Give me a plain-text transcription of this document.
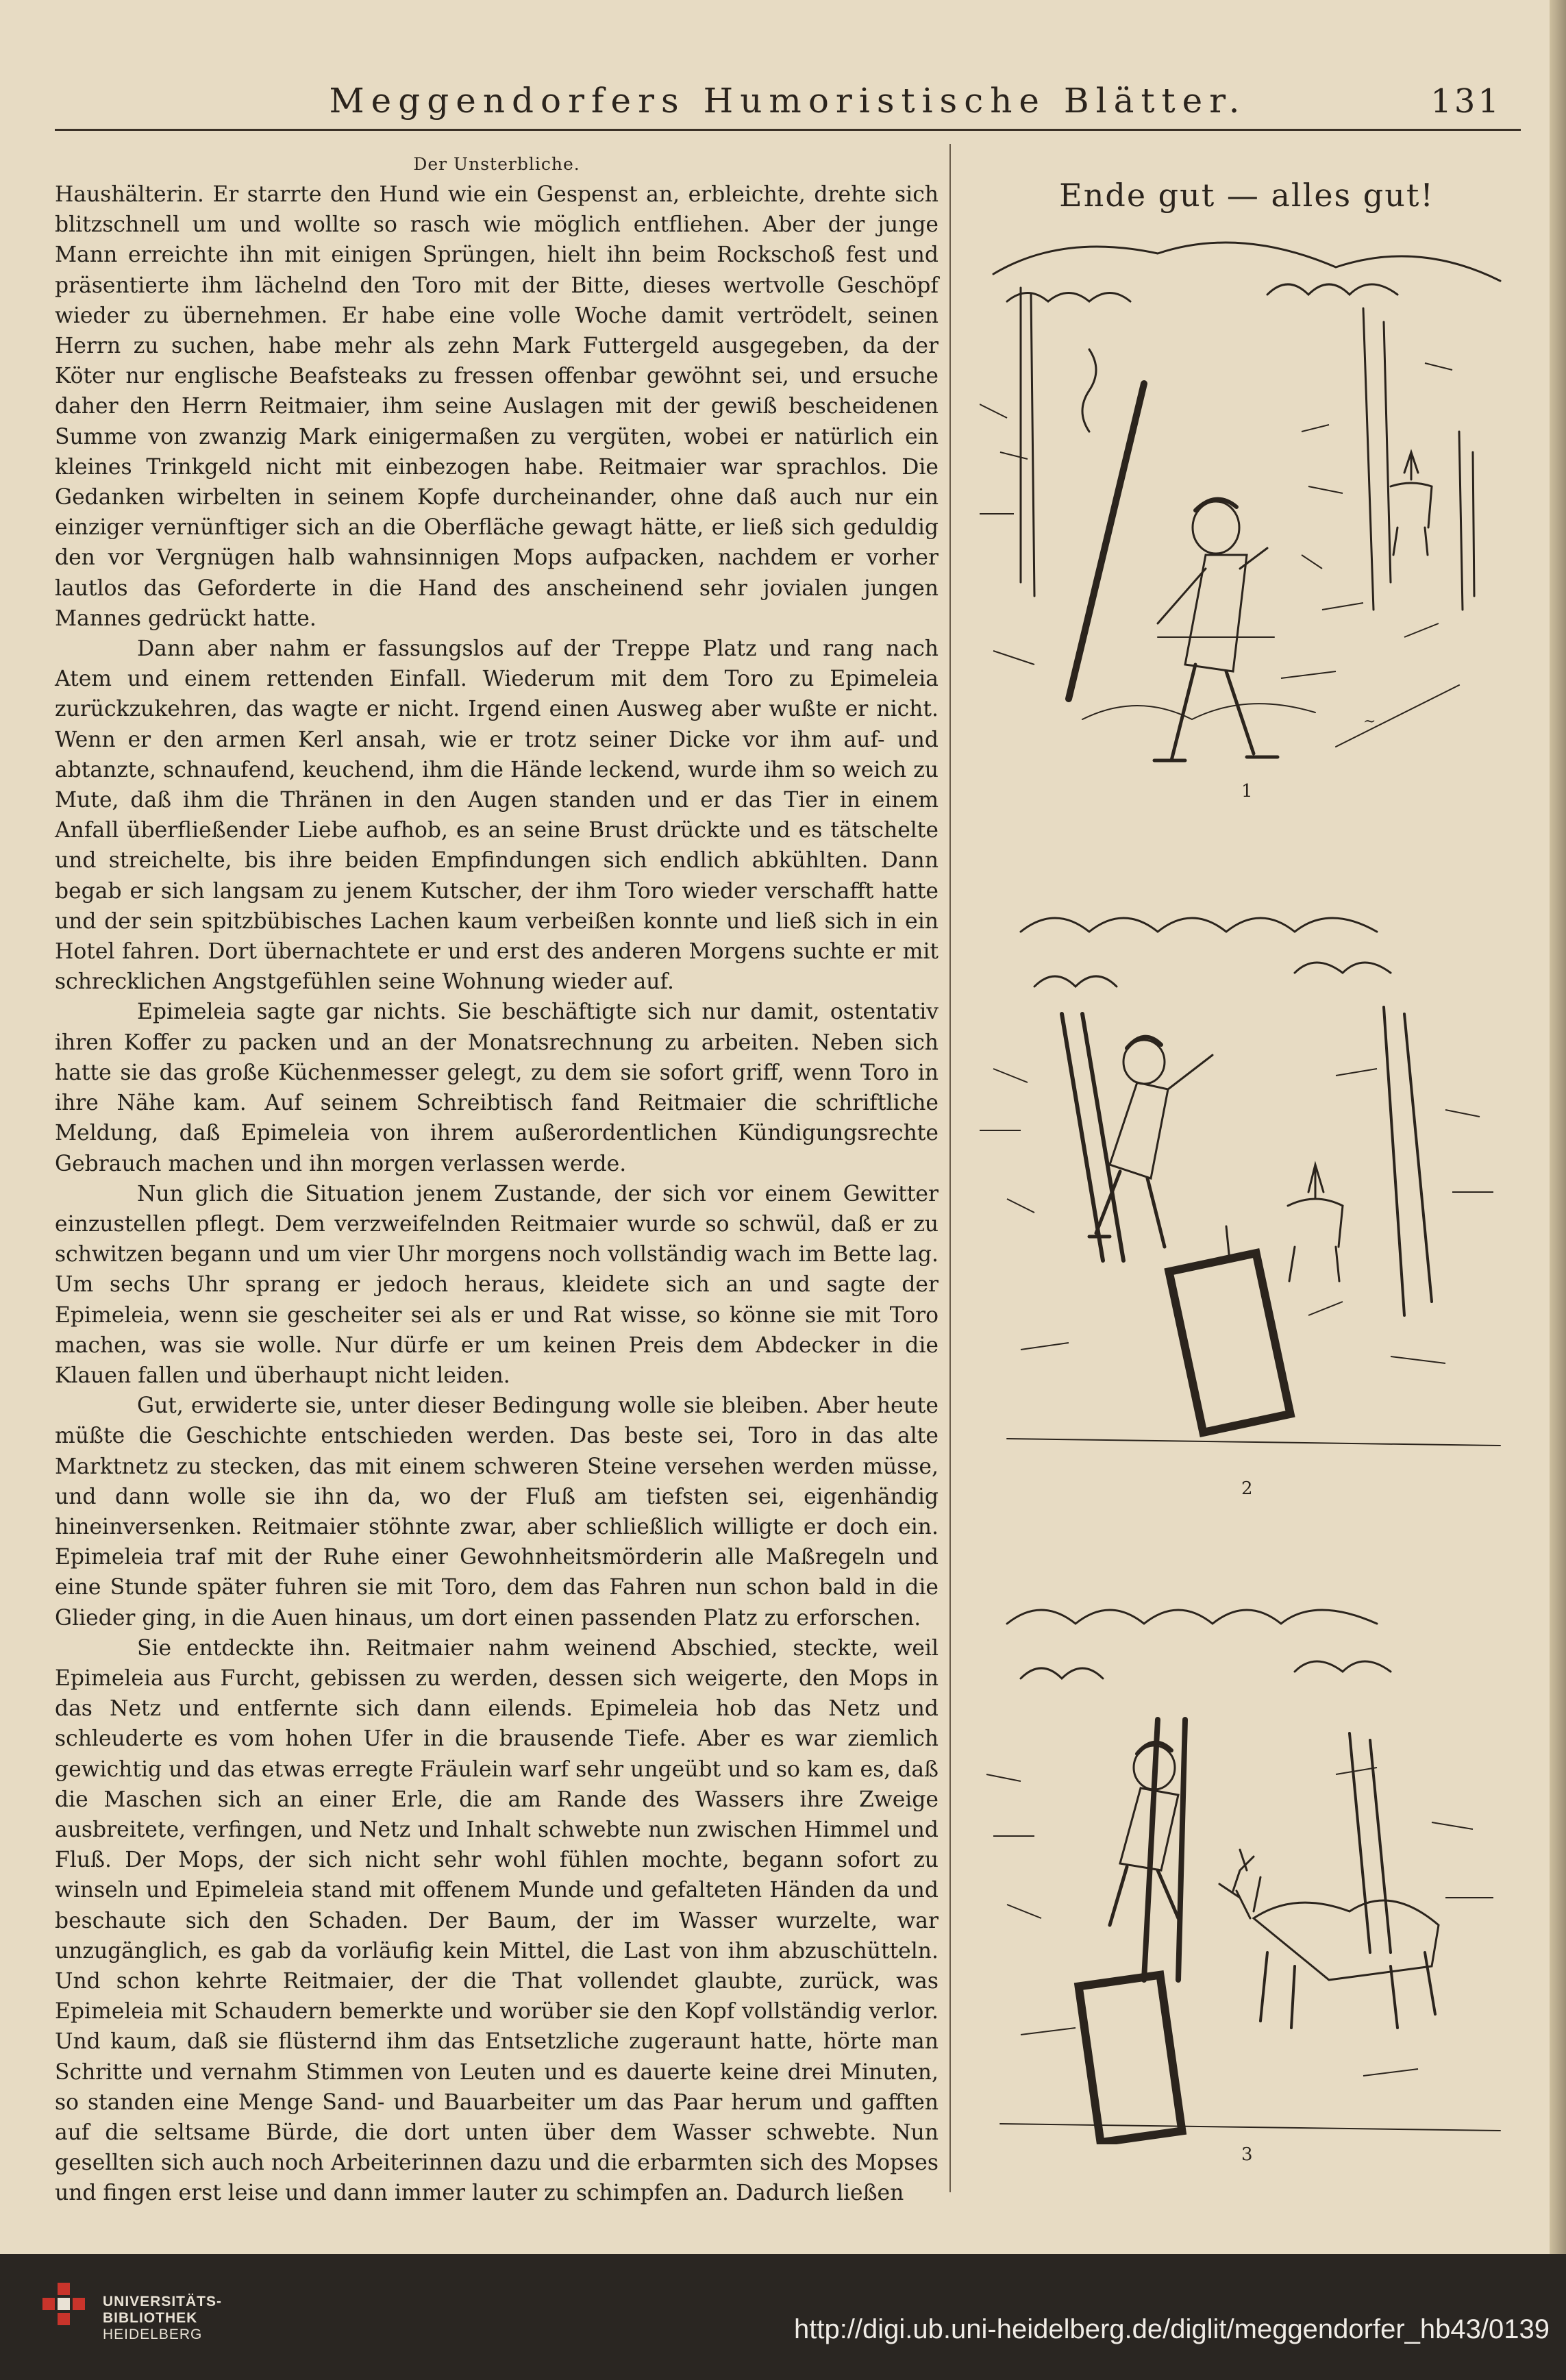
Meggendorfers Humoristische Blätter.	131
Der Unsterbliche.

Haushälterin. Er starrte den Hund wie ein Gespenst an, erbleichte, drehte sich blitzschnell um und wollte so rasch wie möglich entfliehen. Aber der junge Mann erreichte ihn mit einigen Sprüngen, hielt ihn beim Rockschoß fest und präsentierte ihm lächelnd den Toro mit der Bitte, dieses wertvolle Geschöpf wieder zu übernehmen. Er habe eine volle Woche damit vertrödelt, seinen Herrn zu suchen, habe mehr als zehn Mark Futtergeld ausgegeben, da der Köter nur englische Beafsteaks zu fressen offenbar gewöhnt sei, und ersuche daher den Herrn Reitmaier, ihm seine Auslagen mit der gewiß bescheidenen Summe von zwanzig Mark einigermaßen zu vergüten, wobei er natürlich ein kleines Trinkgeld nicht mit einbezogen habe. Reitmaier war sprachlos. Die Gedanken wirbelten in seinem Kopfe durcheinander, ohne daß auch nur ein einziger vernünftiger sich an die Oberfläche gewagt hätte, er ließ sich geduldig den vor Vergnügen halb wahnsinnigen Mops aufpacken, nachdem er vorher lautlos das Geforderte in die Hand des anscheinend sehr jovialen jungen Mannes gedrückt hatte.

Dann aber nahm er fassungslos auf der Treppe Platz und rang nach Atem und einem rettenden Einfall. Wiederum mit dem Toro zu Epimeleia zurückzukehren, das wagte er nicht. Irgend einen Ausweg aber wußte er nicht. Wenn er den armen Kerl ansah, wie er trotz seiner Dicke vor ihm auf- und abtanzte, schnaufend, keuchend, ihm die Hände leckend, wurde ihm so weich zu Mute, daß ihm die Thränen in den Augen standen und er das Tier in einem Anfall überfließender Liebe aufhob, es an seine Brust drückte und es tätschelte und streichelte, bis ihre beiden Empfindungen sich endlich abkühlten. Dann begab er sich langsam zu jenem Kutscher, der ihm Toro wieder verschafft hatte und der sein spitzbübisches Lachen kaum verbeißen konnte und ließ sich in ein Hotel fahren. Dort übernachtete er und erst des anderen Morgens suchte er mit schrecklichen Angstgefühlen seine Wohnung wieder auf.

Epimeleia sagte gar nichts. Sie beschäftigte sich nur damit, ostentativ ihren Koffer zu packen und an der Monatsrechnung zu arbeiten. Neben sich hatte sie das große Küchenmesser gelegt, zu dem sie sofort griff, wenn Toro in ihre Nähe kam. Auf seinem Schreibtisch fand Reitmaier die schriftliche Meldung, daß Epimeleia von ihrem außerordentlichen Kündigungsrechte Gebrauch machen und ihn morgen verlassen werde.

Nun glich die Situation jenem Zustande, der sich vor einem Gewitter einzustellen pflegt. Dem verzweifelnden Reitmaier wurde so schwül, daß er zu schwitzen begann und um vier Uhr morgens noch vollständig wach im Bette lag. Um sechs Uhr sprang er jedoch heraus, kleidete sich an und sagte der Epimeleia, wenn sie gescheiter sei als er und Rat wisse, so könne sie mit Toro machen, was sie wolle. Nur dürfe er um keinen Preis dem Abdecker in die Klauen fallen und überhaupt nicht leiden.

Gut, erwiderte sie, unter dieser Bedingung wolle sie bleiben. Aber heute müßte die Geschichte entschieden werden. Das beste sei, Toro in das alte Marktnetz zu stecken, das mit einem schweren Steine versehen werden müsse, und dann wolle sie ihn da, wo der Fluß am tiefsten sei, eigenhändig hineinversenken. Reitmaier stöhnte zwar, aber schließlich willigte er doch ein. Epimeleia traf mit der Ruhe einer Gewohnheitsmörderin alle Maßregeln und eine Stunde später fuhren sie mit Toro, dem das Fahren nun schon bald in die Glieder ging, in die Auen hinaus, um dort einen passenden Platz zu erforschen.

Sie entdeckte ihn. Reitmaier nahm weinend Abschied, steckte, weil Epimeleia aus Furcht, gebissen zu werden, dessen sich weigerte, den Mops in das Netz und entfernte sich dann eilends. Epimeleia hob das Netz und schleuderte es vom hohen Ufer in die brausende Tiefe. Aber es war ziemlich gewichtig und das etwas erregte Fräulein warf sehr ungeübt und so kam es, daß die Maschen sich an einer Erle, die am Rande des Wassers ihre Zweige ausbreitete, verfingen, und Netz und Inhalt schwebte nun zwischen Himmel und Fluß. Der Mops, der sich nicht sehr wohl fühlen mochte, begann sofort zu winseln und Epimeleia stand mit offenem Munde und gefalteten Händen da und beschaute sich den Schaden. Der Baum, der im Wasser wurzelte, war unzugänglich, es gab da vorläufig kein Mittel, die Last von ihm abzuschütteln. Und schon kehrte Reitmaier, der die That vollendet glaubte, zurück, was Epimeleia mit Schaudern bemerkte und worüber sie den Kopf vollständig verlor. Und kaum, daß sie flüsternd ihm das Entsetzliche zugeraunt hatte, hörte man Schritte und vernahm Stimmen von Leuten und es dauerte keine drei Minuten, so standen eine Menge Sand- und Bauarbeiter um das Paar herum und gafften auf die seltsame Bürde, die dort unten über dem Wasser schwebte. Nun gesellten sich auch noch Arbeiterinnen dazu und die erbarmten sich des Mopses und fingen erst leise und dann immer lauter zu schimpfen an. Dadurch ließen

Ende gut — alles gut!
~
1
2
3
UNIVERSITÄTS-
BIBLIOTHEK
HEIDELBERG	http://digi.ub.uni-heidelberg.de/diglit/meggendorfer_hb43/0139
